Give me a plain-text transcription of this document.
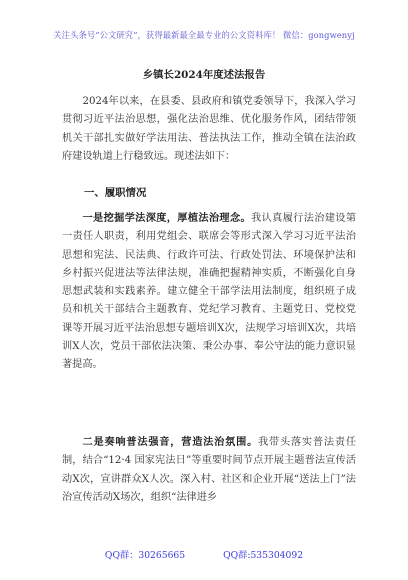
关注头条号“公文研究”，获得最新最全最专业的公文资料库！ 微信：gongwenyj
乡镇长2024年度述法报告
2024年以来，在县委、县政府和镇党委领导下，我深入学习贯彻习近平法治思想，强化法治思维、优化服务作风，团结带领机关干部扎实做好学法用法、普法执法工作，推动全镇在法治政府建设轨道上行稳致远。现述法如下：
一、履职情况
一是挖掘学法深度，厚植法治理念。我认真履行法治建设第一责任人职责，利用党组会、联席会等形式深入学习习近平法治思想和宪法、民法典、行政许可法、行政处罚法、环境保护法和乡村振兴促进法等法律法规，准确把握精神实质，不断强化自身思想武装和实践素养。建立健全干部学法用法制度，组织班子成员和机关干部结合主题教育、党纪学习教育、主题党日、党校党课等开展习近平法治思想专题培训X次，法规学习培训X次，共培训X人次，党员干部依法决策、秉公办事、奉公守法的能力意识显著提高。
二是奏响普法强音，营造法治氛围。我带头落实普法责任制，结合“12·4 国家宪法日”等重要时间节点开展主题普法宣传活动X次，宣讲群众X人次。深入村、社区和企业开展“送法上门”法治宣传活动X场次，组织“法律进乡
QQ群：30265665	QQ群:535304092
